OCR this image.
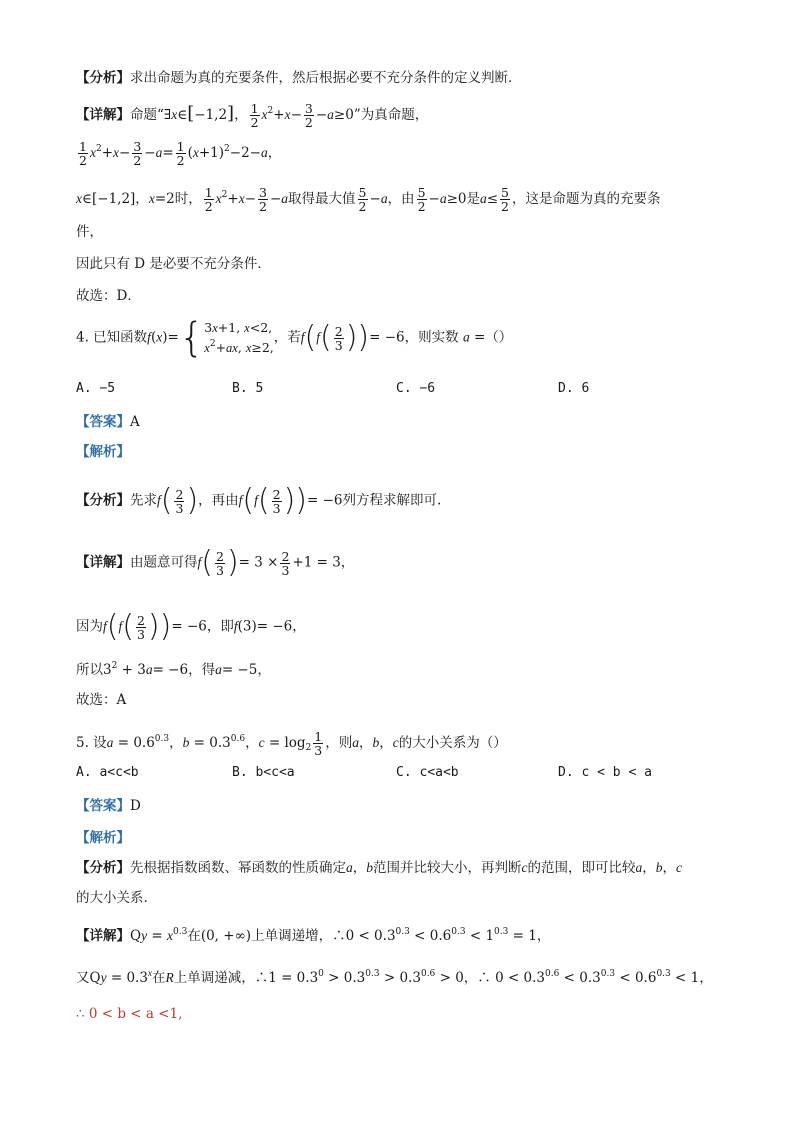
【分析】求出命题为真的充要条件，然后根据必要不充分条件的定义判断．
【详解】命题“∃x∈[−1,2]， $\frac{1}{2} x^2+x- \frac{3}{2} -a\ge 0$”为真命题，
$\frac{1}{2} x^2+x- \frac{3}{2} -a= \frac{1}{2} (x+1)^2-2-a$，
x∈[−1,2]，x=2时， $\frac{1}{2} x^2+x- \frac{3}{2} -a$取得最大值 $\frac{5}{2} -a$，由 $\frac{5}{2} -a\ge 0$是$a\le \frac{5}{2}$ ，这是命题为真的充要条
件，
因此只有 D 是必要不充分条件．
故选：D．
4. 已知函数f(x)={ 3x+1, x<2,
$x^2+ax$, x≥2,
，若$f(f( \frac{2}{3}$ ))= −6，则实数 a =（）
A. −5	B. 5	C. −6	D. 6
【答案】A
【解析】
【分析】先求$f( \frac{2}{3}$ )，再由$f(f( \frac{2}{3}$ ))= −6列方程求解即可.
【详解】由题意可得$f( \frac{2}{3}$ )= $3 \times \frac{2}{3} +1 = 3$，
因为$f(f( \frac{2}{3}$ ))= −6，即f(3)= −6，
所以$3^2 + 3a= -6$，得a= −5，
故选：A
5. 设$a = 0.6^{0.3}$，$b = 0.3^{0.6}$，$c = \log_2 \frac{1}{3}$ ，则a，b，c的大小关系为（）
A. a<c<b	B. b<c<a	C. c<a<b	D. c < b < a
【答案】D
【解析】
【分析】先根据指数函数、幂函数的性质确定a，b范围并比较大小，再判断c的范围，即可比较a，b，c
的大小关系.
【详解】$Qy = x^{0.3}$在(0, +∞)上单调递增，∴0 < $0.3^{0.3} < 0.6^{0.3} < 1^{0.3} = 1$，
又$Qy = 0.3^x$在R上单调递减，∴1 = $0.3^0 > 0.3^{0.3} > 0.3^{0.6} > 0$，∴ $0 < 0.3^{0.6} < 0.3^{0.3} < 0.6^{0.3} < 1$，
∴ 0 < b < a <1,
